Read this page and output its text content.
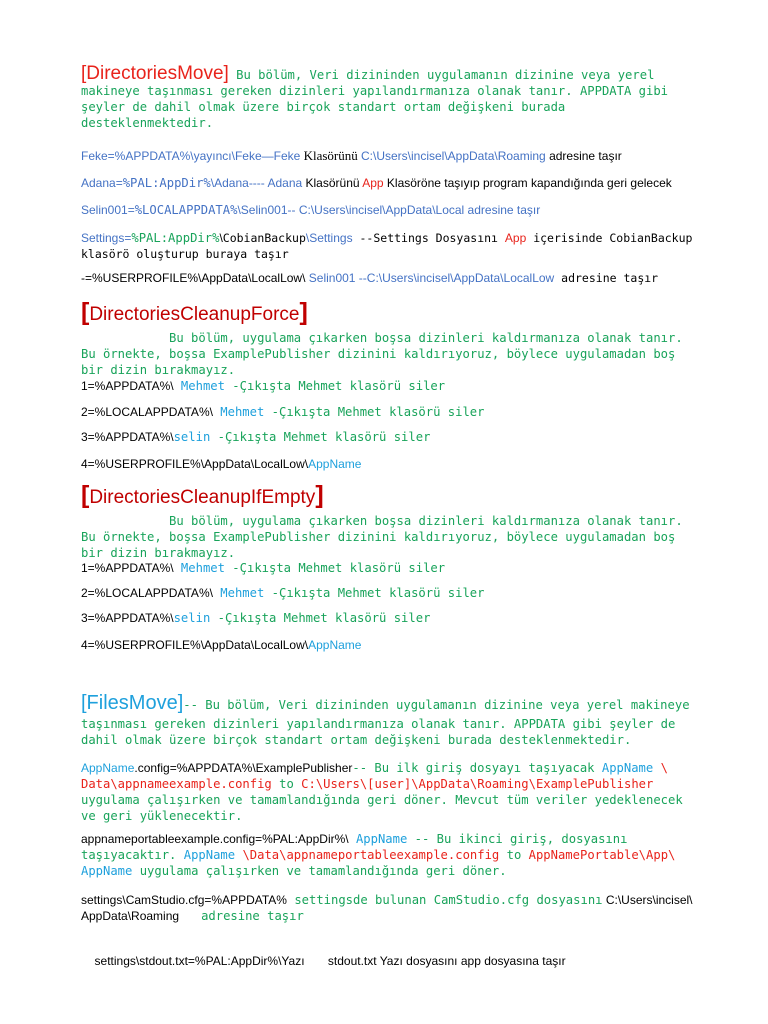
[DirectoriesMove] Bu bölüm, Veri dizininden uygulamanın dizinine veya yerel

makineye taşınması gereken dizinleri yapılandırmanıza olanak tanır. APPDATA gibi

şeyler de dahil olmak üzere birçok standart ortam değişkeni burada

desteklenmektedir.

Feke=%APPDATA%\yayıncı\Feke—Feke Klasörünü C:\Users\incisel\AppData\Roaming adresine taşır

Adana=%PAL:AppDir%\Adana---- Adana Klasörünü App Klasöröne taşıyıp program kapandığında geri gelecek

Selin001=%LOCALAPPDATA%\Selin001-- C:\Users\incisel\AppData\Local adresine taşır

Settings=%PAL:AppDir%\CobianBackup\Settings --Settings Dosyasını App içerisinde CobianBackup

klasörö oluşturup buraya taşır

-=%USERPROFILE%\AppData\LocalLow\ Selin001 --C:\Users\incisel\AppData\LocalLow adresine taşır

[DirectoriesCleanupForce]

Bu bölüm, uygulama çıkarken boşsa dizinleri kaldırmanıza olanak tanır.

Bu örnekte, boşsa ExamplePublisher dizinini kaldırıyoruz, böylece uygulamadan boş

bir dizin bırakmayız.

1=%APPDATA%\ Mehmet -Çıkışta Mehmet klasörü siler

2=%LOCALAPPDATA%\ Mehmet -Çıkışta Mehmet klasörü siler

3=%APPDATA%\selin -Çıkışta Mehmet klasörü siler

4=%USERPROFILE%\AppData\LocalLow\AppName

[DirectoriesCleanupIfEmpty]

Bu bölüm, uygulama çıkarken boşsa dizinleri kaldırmanıza olanak tanır.

Bu örnekte, boşsa ExamplePublisher dizinini kaldırıyoruz, böylece uygulamadan boş

bir dizin bırakmayız.

1=%APPDATA%\ Mehmet -Çıkışta Mehmet klasörü siler

2=%LOCALAPPDATA%\ Mehmet -Çıkışta Mehmet klasörü siler

3=%APPDATA%\selin -Çıkışta Mehmet klasörü siler

4=%USERPROFILE%\AppData\LocalLow\AppName

[FilesMove]-- Bu bölüm, Veri dizininden uygulamanın dizinine veya yerel makineye

taşınması gereken dizinleri yapılandırmanıza olanak tanır. APPDATA gibi şeyler de

dahil olmak üzere birçok standart ortam değişkeni burada desteklenmektedir.

AppName.config=%APPDATA%\ExamplePublisher-- Bu ilk giriş dosyayı taşıyacak AppName \

Data\appnameexample.config to C:\Users\[user]\AppData\Roaming\ExamplePublisher

uygulama çalışırken ve tamamlandığında geri döner. Mevcut tüm veriler yedeklenecek

ve geri yüklenecektir.

appnameportableexample.config=%PAL:AppDir%\ AppName -- Bu ikinci giriş, dosyasını

taşıyacaktır. AppName \Data\appnameportableexample.config to AppNamePortable\App\

AppName uygulama çalışırken ve tamamlandığında geri döner.

settings\CamStudio.cfg=%APPDATA% settingsde bulunan CamStudio.cfg dosyasını C:\Users\incisel\

AppData\Roaming   adresine taşır

settings\stdout.txt=%PAL:AppDir%\Yazı       stdout.txt Yazı dosyasını app dosyasına taşır
